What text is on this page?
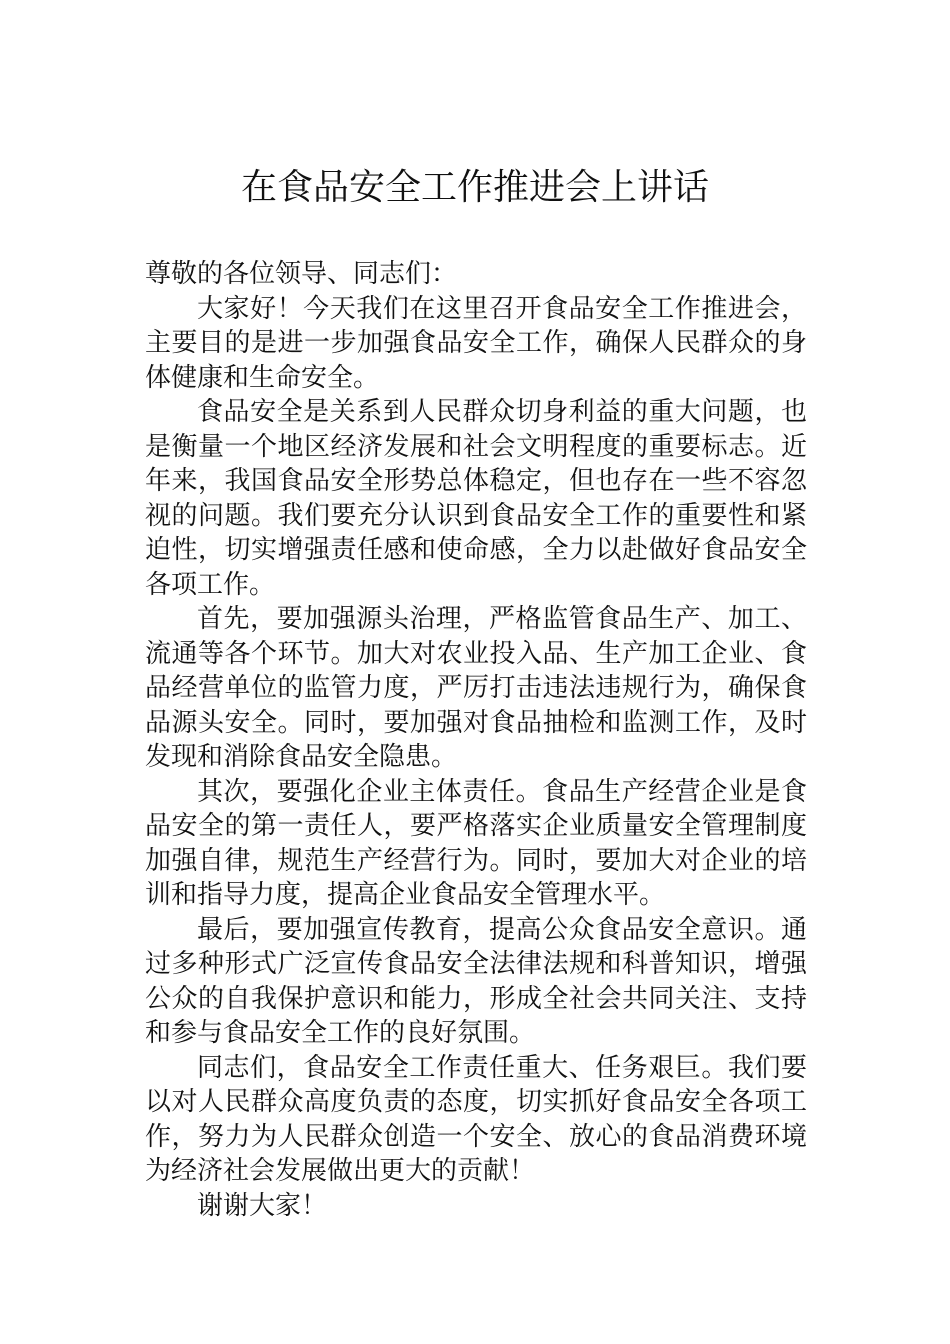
在食品安全工作推进会上讲话

尊敬的各位领导、同志们：

大家好！今天我们在这里召开食品安全工作推进会，主要目的是进一步加强食品安全工作，确保人民群众的身体健康和生命安全。

食品安全是关系到人民群众切身利益的重大问题，也是衡量一个地区经济发展和社会文明程度的重要标志。近年来，我国食品安全形势总体稳定，但也存在一些不容忽视的问题。我们要充分认识到食品安全工作的重要性和紧迫性，切实增强责任感和使命感，全力以赴做好食品安全各项工作。

首先，要加强源头治理，严格监管食品生产、加工、流通等各个环节。加大对农业投入品、生产加工企业、食品经营单位的监管力度，严厉打击违法违规行为，确保食品源头安全。同时，要加强对食品抽检和监测工作，及时发现和消除食品安全隐患。

其次，要强化企业主体责任。食品生产经营企业是食品安全的第一责任人，要严格落实企业质量安全管理制度加强自律，规范生产经营行为。同时，要加大对企业的培训和指导力度，提高企业食品安全管理水平。

最后，要加强宣传教育，提高公众食品安全意识。通过多种形式广泛宣传食品安全法律法规和科普知识，增强公众的自我保护意识和能力，形成全社会共同关注、支持和参与食品安全工作的良好氛围。

同志们，食品安全工作责任重大、任务艰巨。我们要以对人民群众高度负责的态度，切实抓好食品安全各项工作，努力为人民群众创造一个安全、放心的食品消费环境为经济社会发展做出更大的贡献！

谢谢大家！
